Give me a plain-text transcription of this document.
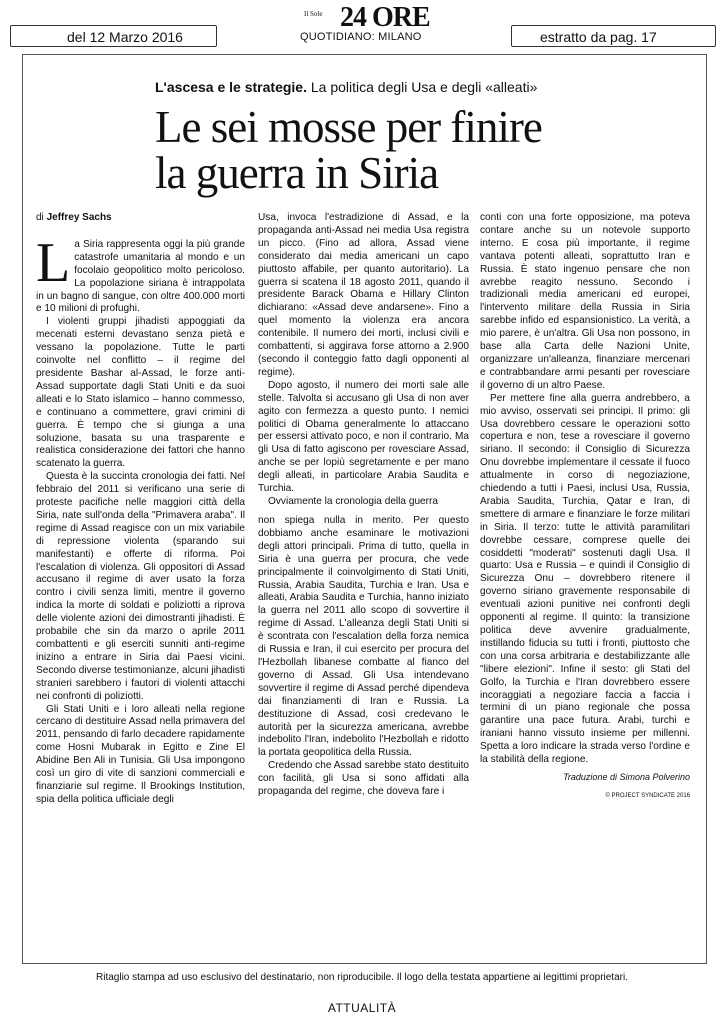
del 12 Marzo 2016	estratto da pag. 17
Il Sole 24 ORE
QUOTIDIANO: MILANO
L'ascesa e le strategie. La politica degli Usa e degli «alleati»
Le sei mosse per finire
la guerra in Siria

di Jeffrey Sachs

La Siria rappresenta oggi la più grande catastrofe umanitaria al mondo e un focolaio geopolitico molto pericoloso. La popolazione siriana è intrappolata in un bagno di sangue, con oltre 400.000 morti e 10 milioni di profughi.

I violenti gruppi jihadisti appoggiati da mecenati esterni devastano senza pietà e vessano la popolazione. Tutte le parti coinvolte nel conflitto – il regime del presidente Bashar al-Assad, le forze anti-Assad supportate dagli Stati Uniti e da suoi alleati e lo Stato islamico – hanno commesso, e continuano a commettere, gravi crimini di guerra. È tempo che si giunga a una soluzione, basata su una trasparente e realistica considerazione dei fattori che hanno scatenato la guerra.

Questa è la succinta cronologia dei fatti. Nel febbraio del 2011 si verificano una serie di proteste pacifiche nelle maggiori città della Siria, nate sull'onda della "Primavera araba". Il regime di Assad reagisce con un mix variabile di repressione violenta (sparando sui manifestanti) e offerte di riforma. Poi l'escalation di violenza. Gli oppositori di Assad accusano il regime di aver usato la forza contro i civili senza limiti, mentre il governo indica la morte di soldati e poliziotti a riprova delle violente azioni dei dimostranti jihadisti. È probabile che sin da marzo o aprile 2011 combattenti e gli eserciti sunniti anti-regime inizino a entrare in Siria dai Paesi vicini. Secondo diverse testimonianze, alcuni jihadisti stranieri sarebbero i fautori di violenti attacchi nei confronti di poliziotti.

Gli Stati Uniti e i loro alleati nella regione cercano di destituire Assad nella primavera del 2011, pensando di farlo decadere rapidamente come Hosni Mubarak in Egitto e Zine El Abidine Ben Ali in Tunisia. Gli Usa impongono così un giro di vite di sanzioni commerciali e finanziarie sul regime. Il Brookings Institution, spia della politica ufficiale degli

Usa, invoca l'estradizione di Assad, e la propaganda anti-Assad nei media Usa registra un picco. (Fino ad allora, Assad viene considerato dai media americani un capo piuttosto affabile, per quanto autoritario). La guerra si scatena il 18 agosto 2011, quando il presidente Barack Obama e Hillary Clinton dichiarano: «Assad deve andarsene». Fino a quel momento la violenza era ancora contenibile. Il numero dei morti, inclusi civili e combattenti, si aggirava forse attorno a 2.900 (secondo il conteggio fatto dagli opponenti al regime).

Dopo agosto, il numero dei morti sale alle stelle. Talvolta si accusano gli Usa di non aver agito con fermezza a questo punto. I nemici politici di Obama generalmente lo attaccano per essersi attivato poco, e non il contrario. Ma gli Usa di fatto agiscono per rovesciare Assad, anche se per lopiù segretamente e per mano degli alleati, in particolare Arabia Saudita e Turchia.

Ovviamente la cronologia della guerra

non spiega nulla in merito. Per questo dobbiamo anche esaminare le motivazioni degli attori principali. Prima di tutto, quella in Siria è una guerra per procura, che vede principalmente il coinvolgimento di Stati Uniti, Russia, Arabia Saudita, Turchia e Iran. Usa e alleati, Arabia Saudita e Turchia, hanno iniziato la guerra nel 2011 allo scopo di sovvertire il regime di Assad. L'alleanza degli Stati Uniti si è scontrata con l'escalation della forza nemica di Russia e Iran, il cui esercito per procura del l'Hezbollah libanese combatte al fianco del governo di Assad. Gli Usa intendevano sovvertire il regime di Assad perché dipendeva dai finanziamenti di Iran e Russia. La destituzione di Assad, così credevano le autorità per la sicurezza americana, avrebbe indebolito l'Iran, indebolito l'Hezbollah e ridotto la portata geopolitica della Russia.

Credendo che Assad sarebbe stato destituito con facilità, gli Usa si sono affidati alla propaganda del regime, che doveva fare i

conti con una forte opposizione, ma poteva contare anche su un notevole supporto interno. E cosa più importante, il regime vantava potenti alleati, soprattutto Iran e Russia. È stato ingenuo pensare che non avrebbe reagito nessuno. Secondo i tradizionali media americani ed europei, l'intervento militare della Russia in Siria sarebbe infido ed espansionistico. La verità, a mio parere, è un'altra. Gli Usa non possono, in base alla Carta delle Nazioni Unite, organizzare un'alleanza, finanziare mercenari e contrabbandare armi pesanti per rovesciare il governo di un altro Paese.

Per mettere fine alla guerra andrebbero, a mio avviso, osservati sei principi. Il primo: gli Usa dovrebbero cessare le operazioni sotto copertura e non, tese a rovesciare il governo siriano. Il secondo: il Consiglio di Sicurezza Onu dovrebbe implementare il cessate il fuoco attualmente in corso di negoziazione, chiedendo a tutti i Paesi, inclusi Usa, Russia, Arabia Saudita, Turchia, Qatar e Iran, di smettere di armare e finanziare le forze militari in Siria. Il terzo: tutte le attività paramilitari dovrebbe cessare, comprese quelle dei cosiddetti "moderati" sostenuti dagli Usa. Il quarto: Usa e Russia – e quindi il Consiglio di Sicurezza Onu – dovrebbero ritenere il governo siriano gravemente responsabile di eventuali azioni punitive nei confronti degli opponenti al regime. Il quinto: la transizione politica deve avvenire gradualmente, instillando fiducia su tutti i fronti, piuttosto che con una corsa arbitraria e destabilizzante alle "libere elezioni". Infine il sesto: gli Stati del Golfo, la Turchia e l'Iran dovrebbero essere incoraggiati a negoziare faccia a faccia i termini di un piano regionale che possa garantire una pace futura. Arabi, turchi e iraniani hanno vissuto insieme per millenni. Spetta a loro indicare la strada verso l'ordine e la stabilità della regione.

Traduzione di Simona Polverino

© PROJECT SYNDICATE 2016

Ritaglio stampa ad uso esclusivo del destinatario, non riproducibile. Il logo della testata appartiene ai legittimi proprietari.
ATTUALITÀ
